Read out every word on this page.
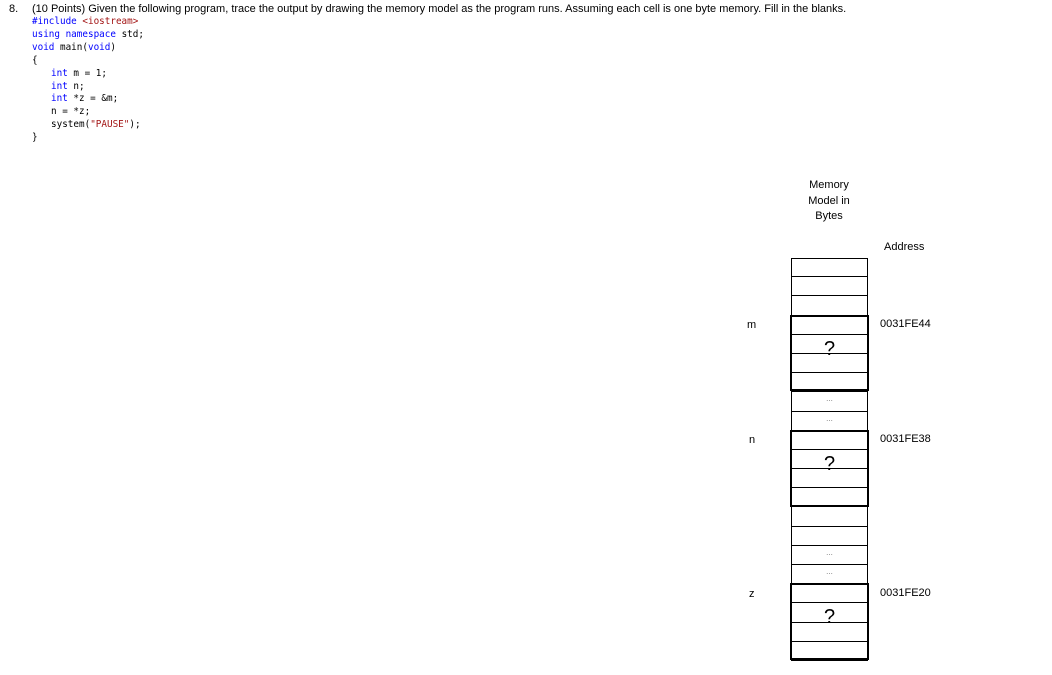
8. (10 Points) Given the following program, trace the output by drawing the memory model as the program runs. Assuming each cell is one byte memory. Fill in the blanks.
#include <iostream>
using namespace std;
void main(void)
{
int m = 1;
int n;
int *z = &m;
n = *z;
system("PAUSE");
}
Memory Model in Bytes
Address
...
...
...
...
?
?
?
m	0031FE44
n	0031FE38
z	0031FE20
